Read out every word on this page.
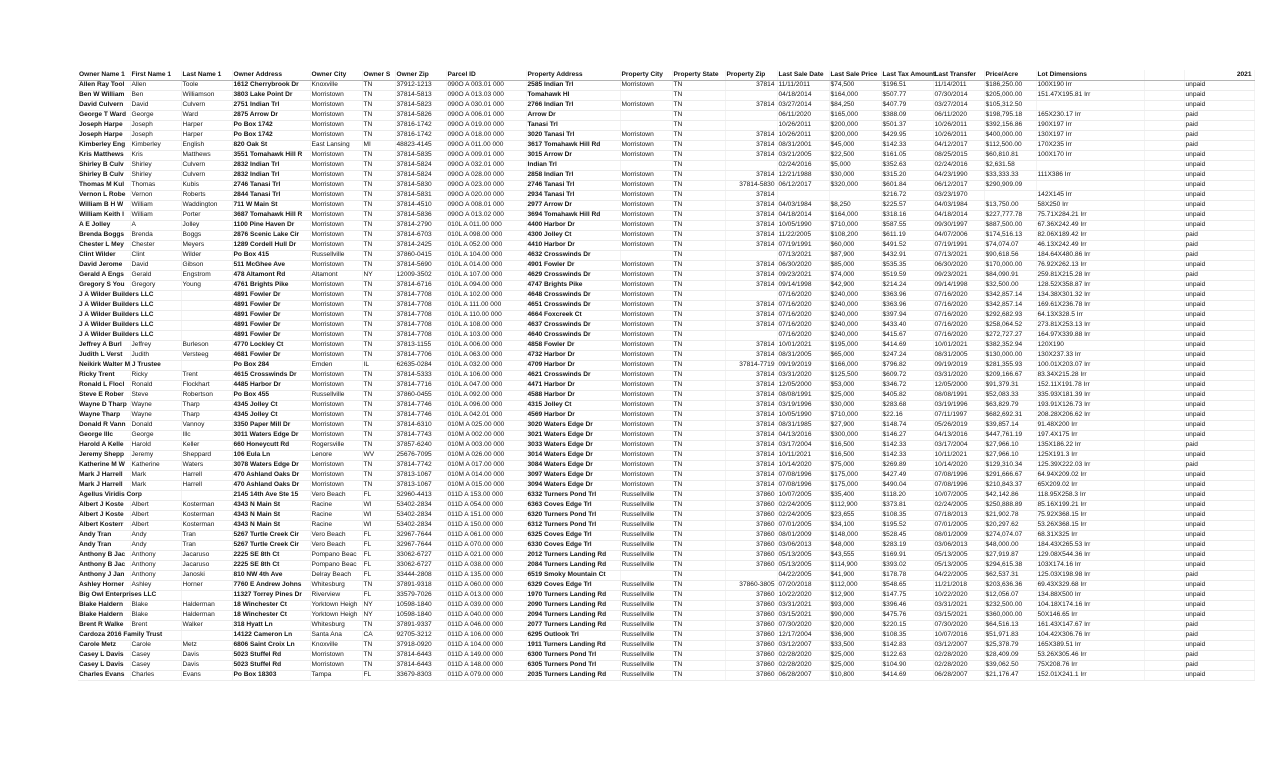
Owner Name 1	First Name 1	Last Name 1	Owner Address	Owner City	Owner S	Owner Zip	Parcel ID	Property Address	Property City	Property State	Property Zip	Last Sale Date	Last Sale Price	Last Tax Amount	Last Transfer	Price/Acre	Lot Dimensions		2021
Allen Ray Tool	Allen	Toole	1612 Cherrybrook Dr	Knoxville	TN	37912-1213	090O A 003.01 000	2585 Indian Trl	Morristown	TN	37814	11/11/2011	$74,500	$196.51	11/14/2011	$186,250.00	100X190 Irr		unpaid
Ben W William	Ben	Williamson	3803 Lake Point Dr	Morristown	TN	37814-5813	090O A 013.03 000	Tomahawk Hl		TN		04/18/2014	$164,000	$507.77	07/30/2014	$205,000.00	151.47X195.81 Irr		unpaid
David Culvern	David	Culvern	2751 Indian Trl	Morristown	TN	37814-5823	090O A 030.01 000	2766 Indian Trl	Morristown	TN	37814	03/27/2014	$84,250	$407.79	03/27/2014	$105,312.50			unpaid
George T Ward	George	Ward	2875 Arrow Dr	Morristown	TN	37814-5826	090O A 006.01 000	Arrow Dr		TN		06/11/2020	$165,000	$388.09	06/11/2020	$198,795.18	165X230.17 Irr		paid
Joseph Harpe	Joseph	Harper	Po Box 1742	Morristown	TN	37816-1742	090O A 019.00 000	Tanasi Trl		TN		10/26/2011	$200,000	$501.37	10/26/2011	$392,156.86	190X197 Irr		paid
Joseph Harpe	Joseph	Harper	Po Box 1742	Morristown	TN	37816-1742	090O A 018.00 000	3020 Tanasi Trl	Morristown	TN	37814	10/26/2011	$200,000	$429.95	10/26/2011	$400,000.00	130X197 Irr		paid
Kimberley Eng	Kimberley	English	820 Oak St	East Lansing	MI	48823-4145	090O A 011.00 000	3617 Tomahawk Hill Rd	Morristown	TN	37814	08/31/2001	$45,000	$142.33	04/12/2017	$112,500.00	170X235 Irr		paid
Kris Matthews	Kris	Matthews	3551 Tomahawk Hill R	Morristown	TN	37814-5835	090O A 009.01 000	3015 Arrow Dr	Morristown	TN	37814	03/21/2005	$22,500	$161.05	08/25/2015	$60,810.81	100X170 Irr		unpaid
Shirley B Culv	Shirley	Culvern	2832 Indian Trl	Morristown	TN	37814-5824	090O A 032.01 000	Indian Trl		TN		02/24/2016	$5,000	$352.63	02/24/2016	$2,631.58			unpaid
Shirley B Culv	Shirley	Culvern	2832 Indian Trl	Morristown	TN	37814-5824	090O A 028.00 000	2858 Indian Trl	Morristown	TN	37814	12/21/1988	$30,000	$315.20	04/23/1990	$33,333.33	111X386 Irr		unpaid
Thomas M Kul	Thomas	Kubis	2746 Tanasi Trl	Morristown	TN	37814-5830	090O A 023.00 000	2746 Tanasi Trl	Morristown	TN	37814-5830	06/12/2017	$320,000	$601.84	06/12/2017	$290,909.09			unpaid
Vernon L Robe	Vernon	Roberts	2844 Tanasi Trl	Morristown	TN	37814-5831	090O A 020.00 000	2934 Tanasi Trl	Morristown	TN	37814			$216.72	03/23/1970		142X145 Irr		unpaid
William B H W	William	Waddington	711 W Main St	Morristown	TN	37814-4510	090O A 008.01 000	2977 Arrow Dr	Morristown	TN	37814	04/03/1984	$8,250	$225.57	04/03/1984	$13,750.00	58X250 Irr		unpaid
William Keith I	William	Porter	3687 Tomahawk Hill R	Morristown	TN	37814-5836	090O A 013.02 000	3694 Tomahawk Hill Rd	Morristown	TN	37814	04/18/2014	$164,000	$318.16	04/18/2014	$227,777.78	75.71X284.21 Irr		unpaid
A E Jolley	A	Jolley	1100 Pine Haven Dr	Morristown	TN	37814-2790	010L A 011.00 000	4400 Harbor Dr	Morristown	TN	37814	10/05/1990	$710,000	$587.55	09/30/1997	$887,500.00	67.36X242.49 Irr		unpaid
Brenda Boggs	Brenda	Boggs	2876 Scenic Lake Cir	Morristown	TN	37814-6703	010L A 098.00 000	4300 Jolley Ct	Morristown	TN	37814	11/22/2005	$108,200	$611.19	04/07/2006	$174,516.13	82.06X189.42 Irr		paid
Chester L Mey	Chester	Meyers	1289 Cordell Hull Dr	Morristown	TN	37814-2425	010L A 052.00 000	4410 Harbor Dr	Morristown	TN	37814	07/19/1991	$60,000	$491.52	07/19/1991	$74,074.07	46.13X242.49 Irr		paid
Clint Wilder	Clint	Wilder	Po Box 415	Russellville	TN	37860-0415	010L A 104.00 000	4632 Crosswinds Dr		TN		07/13/2021	$87,900	$432.91	07/13/2021	$90,618.56	184.64X480.86 Irr		paid
David Jerome	David	Gibson	511 McGhee Ave	Morristown	TN	37814-5690	010L A 014.00 000	4901 Fowler Dr	Morristown	TN	37814	06/30/2020	$85,000	$535.35	06/30/2020	$170,000.00	76.92X262.13 Irr		unpaid
Gerald A Engs	Gerald	Engstrom	478 Altamont Rd	Altamont	NY	12009-3502	010L A 107.00 000	4629 Crosswinds Dr	Morristown	TN	37814	09/23/2021	$74,000	$519.59	09/23/2021	$84,090.91	259.81X215.28 Irr		paid
Gregory S You	Gregory	Young	4761 Brights Pike	Morristown	TN	37814-6716	010L A 094.00 000	4747 Brights Pike	Morristown	TN	37814	09/14/1998	$42,900	$214.24	09/14/1998	$32,500.00	128.52X358.87 Irr		unpaid
J A Wilder Builders LLC			4891 Fowler Dr	Morristown	TN	37814-7708	010L A 102.00 000	4648 Crosswinds Dr	Morristown	TN		07/16/2020	$240,000	$363.96	07/16/2020	$342,857.14	134.38X301.32 Irr		unpaid
J A Wilder Builders LLC			4891 Fowler Dr	Morristown	TN	37814-7708	010L A 111.00 000	4651 Crosswinds Dr	Morristown	TN	37814	07/16/2020	$240,000	$363.96	07/16/2020	$342,857.14	169.61X236.78 Irr		unpaid
J A Wilder Builders LLC			4891 Fowler Dr	Morristown	TN	37814-7708	010L A 110.00 000	4664 Foxcreek Ct	Morristown	TN	37814	07/16/2020	$240,000	$397.94	07/16/2020	$292,682.93	64.13X328.5 Irr		unpaid
J A Wilder Builders LLC			4891 Fowler Dr	Morristown	TN	37814-7708	010L A 108.00 000	4637 Crosswinds Dr	Morristown	TN	37814	07/16/2020	$240,000	$433.40	07/16/2020	$258,064.52	273.81X253.13 Irr		unpaid
J A Wilder Builders LLC			4891 Fowler Dr	Morristown	TN	37814-7708	010L A 103.00 000	4640 Crosswinds Dr	Morristown	TN		07/16/2020	$240,000	$415.67	07/16/2020	$272,727.27	164.97X339.88 Irr		unpaid
Jeffrey A Burl	Jeffrey	Burleson	4770 Lockley Ct	Morristown	TN	37813-1155	010L A 006.00 000	4858 Fowler Dr	Morristown	TN	37814	10/01/2021	$195,000	$414.69	10/01/2021	$382,352.94	120X190		unpaid
Judith L Verst	Judith	Versteeg	4681 Fowler Dr	Morristown	TN	37814-7706	010L A 063.00 000	4732 Harbor Dr	Morristown	TN	37814	08/31/2005	$65,000	$247.24	08/31/2005	$130,000.00	130X237.33 Irr		unpaid
Neikirk Walter M J Trustee			Po Box 284	Emden	IL	62635-0284	010L A 032.00 000	4709 Harbor Dr	Morristown	TN	37814-7719	09/19/2019	$166,000	$796.82	09/19/2019	$281,355.93	100.01X203.07 Irr		unpaid
Ricky Trent	Ricky	Trent	4615 Crosswinds Dr	Morristown	TN	37814-5333	010L A 106.00 000	4621 Crosswinds Dr	Morristown	TN	37814	03/31/2020	$125,500	$609.72	03/31/2020	$209,166.67	83.34X215.28 Irr		unpaid
Ronald L Flocl	Ronald	Flockhart	4485 Harbor Dr	Morristown	TN	37814-7716	010L A 047.00 000	4471 Harbor Dr	Morristown	TN	37814	12/05/2000	$53,000	$346.72	12/05/2000	$91,379.31	152.11X191.78 Irr		unpaid
Steve E Rober	Steve	Robertson	Po Box 455	Russellville	TN	37860-0455	010L A 092.00 000	4588 Harbor Dr	Morristown	TN	37814	08/08/1991	$25,000	$405.82	08/08/1991	$52,083.33	335.93X181.39 Irr		unpaid
Wayne D Tharp	Wayne	Tharp	4345 Jolley Ct	Morristown	TN	37814-7746	010L A 096.00 000	4315 Jolley Ct	Morristown	TN	37814	03/19/1996	$30,000	$283.68	03/19/1996	$63,829.79	193.91X126.73 Irr		unpaid
Wayne Tharp	Wayne	Tharp	4345 Jolley Ct	Morristown	TN	37814-7746	010L A 042.01 000	4569 Harbor Dr	Morristown	TN	37814	10/05/1990	$710,000	$22.16	07/11/1997	$682,692.31	208.28X206.62 Irr		unpaid
Donald R Vann	Donald	Vannoy	3350 Paper Mill Dr	Morristown	TN	37814-6310	010M A 025.00 000	3020 Waters Edge Dr	Morristown	TN	37814	08/31/1985	$27,900	$148.74	05/26/2019	$39,857.14	91.48X200 Irr		unpaid
George Illc	George	Illc	3011 Waters Edge Dr	Morristown	TN	37814-7743	010M A 002.00 000	3021 Waters Edge Dr	Morristown	TN	37814	04/13/2016	$300,000	$146.27	04/13/2016	$447,761.19	197.4X175 Irr		unpaid
Harold A Kelle	Harold	Keller	660 Honeycutt Rd	Rogersville	TN	37857-6240	010M A 003.00 000	3033 Waters Edge Dr	Morristown	TN	37814	03/17/2004	$16,500	$142.33	03/17/2004	$27,966.10	135X186.22 Irr		paid
Jeremy Shepp	Jeremy	Sheppard	106 Eula Ln	Lenore	WV	25676-7095	010M A 026.00 000	3014 Waters Edge Dr	Morristown	TN	37814	10/11/2021	$16,500	$142.33	10/11/2021	$27,966.10	125X191.3 Irr		unpaid
Katherine M W	Katherine	Waters	3078 Waters Edge Dr	Morristown	TN	37814-7742	010M A 017.00 000	3084 Waters Edge Dr	Morristown	TN	37814	10/14/2020	$75,000	$269.89	10/14/2020	$129,310.34	125.39X222.03 Irr		paid
Mark J Harrell	Mark	Harrell	470 Ashland Oaks Dr	Morristown	TN	37813-1067	010M A 014.00 000	3097 Waters Edge Dr	Morristown	TN	37814	07/08/1996	$175,000	$427.49	07/08/1996	$291,666.67	64.94X209.02 Irr		unpaid
Mark J Harrell	Mark	Harrell	470 Ashland Oaks Dr	Morristown	TN	37813-1067	010M A 015.00 000	3094 Waters Edge Dr	Morristown	TN	37814	07/08/1996	$175,000	$490.04	07/08/1996	$210,843.37	65X209.02 Irr		unpaid
Agellus Viridis Corp			2145 14th Ave Ste 15	Vero Beach	FL	32960-4413	011D A 153.00 000	6332 Turners Pond Trl	Russellville	TN	37860	10/07/2005	$35,400	$118.20	10/07/2005	$42,142.86	118.95X258.3 Irr		unpaid
Albert J Koste	Albert	Kosterman	4343 N Main St	Racine	WI	53402-2834	011D A 054.00 000	6363 Coves Edge Trl	Russellville	TN	37860	02/24/2005	$112,900	$373.81	02/24/2005	$250,888.89	85.16X199.21 Irr		unpaid
Albert J Koste	Albert	Kosterman	4343 N Main St	Racine	WI	53402-2834	011D A 151.00 000	6320 Turners Pond Trl	Russellville	TN	37860	02/24/2005	$23,655	$108.35	07/18/2013	$21,902.78	75.92X368.15 Irr		unpaid
Albert Kosterr	Albert	Kosterman	4343 N Main St	Racine	WI	53402-2834	011D A 150.00 000	6312 Turners Pond Trl	Russellville	TN	37860	07/01/2005	$34,100	$195.52	07/01/2005	$20,297.62	53.26X368.15 Irr		unpaid
Andy Tran	Andy	Tran	5267 Turtle Creek Cir	Vero Beach	FL	32967-7644	011D A 061.00 000	6325 Coves Edge Trl	Russellville	TN	37860	08/01/2009	$148,000	$528.45	08/01/2009	$274,074.07	68.31X325 Irr		unpaid
Andy Tran	Andy	Tran	5267 Turtle Creek Cir	Vero Beach	FL	32967-7644	011D A 070.00 000	6330 Coves Edge Trl	Russellville	TN	37860	03/06/2013	$48,000	$283.19	03/06/2013	$48,000.00	184.43X265.53 Irr		unpaid
Anthony B Jac	Anthony	Jacaruso	2225 SE 8th Ct	Pompano Beac	FL	33062-6727	011D A 021.00 000	2012 Turners Landing Rd	Russellville	TN	37860	05/13/2005	$43,555	$169.91	05/13/2005	$27,919.87	129.08X544.36 Irr		unpaid
Anthony B Jac	Anthony	Jacaruso	2225 SE 8th Ct	Pompano Beac	FL	33062-6727	011D A 038.00 000	2084 Turners Landing Rd	Russellville	TN	37860	05/13/2005	$114,900	$393.02	05/13/2005	$294,615.38	103X174.16 Irr		unpaid
Anthony J Jan	Anthony	Janoski	810 NW 4th Ave	Delray Beach	FL	33444-2808	011D A 135.00 000	6519 Smoky Mountain Ct		TN		04/22/2005	$41,900	$178.78	04/22/2005	$62,537.31	125.03X198.98 Irr		paid
Ashley Horner	Ashley	Horner	7760 E Andrew Johns	Whitesburg	TN	37891-9318	011D A 060.00 000	6329 Coves Edge Trl	Russellville	TN	37860-3805	07/20/2018	$112,000	$548.65	11/21/2018	$203,636.36	69.43X329.68 Irr		unpaid
Big Owl Enterprises LLC			11327 Torrey Pines Dr	Riverview	FL	33579-7026	011D A 013.00 000	1970 Turners Landing Rd	Russellville	TN	37860	10/22/2020	$12,900	$147.75	10/22/2020	$12,056.07	134.88X500 Irr		unpaid
Blake Haldern	Blake	Halderman	18 Winchester Ct	Yorktown Heigh	NY	10598-1840	011D A 039.00 000	2090 Turners Landing Rd	Russellville	TN	37860	03/31/2021	$93,000	$396.46	03/31/2021	$232,500.00	104.18X174.16 Irr		unpaid
Blake Haldern	Blake	Halderman	18 Winchester Ct	Yorktown Heigh	NY	10598-1840	011D A 040.00 000	2094 Turners Landing Rd	Russellville	TN	37860	03/15/2021	$90,000	$475.76	03/15/2021	$360,000.00	50X146.65 Irr		unpaid
Brent R Walke	Brent	Walker	318 Hyatt Ln	Whitesburg	TN	37891-9337	011D A 046.00 000	2077 Turners Landing Rd	Russellville	TN	37860	07/30/2020	$20,000	$220.15	07/30/2020	$64,516.13	161.43X147.67 Irr		paid
Cardoza 2016 Family Trust			14122 Cameron Ln	Santa Ana	CA	92705-3212	011D A 106.00 000	6295 Outlook Trl	Russellville	TN	37860	12/17/2004	$36,900	$108.35	10/07/2016	$51,971.83	104.42X306.76 Irr		paid
Carole Metz	Carole	Metz	6806 Saint Croix Ln	Knoxville	TN	37918-0920	011D A 104.00 000	1911 Turners Landing Rd	Russellville	TN	37860	03/12/2007	$33,500	$142.83	03/12/2007	$25,378.79	165X389.51 Irr		unpaid
Casey L Davis	Casey	Davis	5023 Stuffel Rd	Morristown	TN	37814-6443	011D A 149.00 000	6300 Turners Pond Trl	Russellville	TN	37860	02/28/2020	$25,000	$122.63	02/28/2020	$28,409.09	53.26X305.46 Irr		paid
Casey L Davis	Casey	Davis	5023 Stuffel Rd	Morristown	TN	37814-6443	011D A 148.00 000	6305 Turners Pond Trl	Russellville	TN	37860	02/28/2020	$25,000	$104.90	02/28/2020	$39,062.50	75X208.76 Irr		paid
Charles Evans	Charles	Evans	Po Box 18303	Tampa	FL	33679-8303	011D A 079.00 000	2035 Turners Landing Rd	Russellville	TN	37860	06/28/2007	$10,800	$414.69	06/28/2007	$21,176.47	152.01X241.1 Irr		unpaid
